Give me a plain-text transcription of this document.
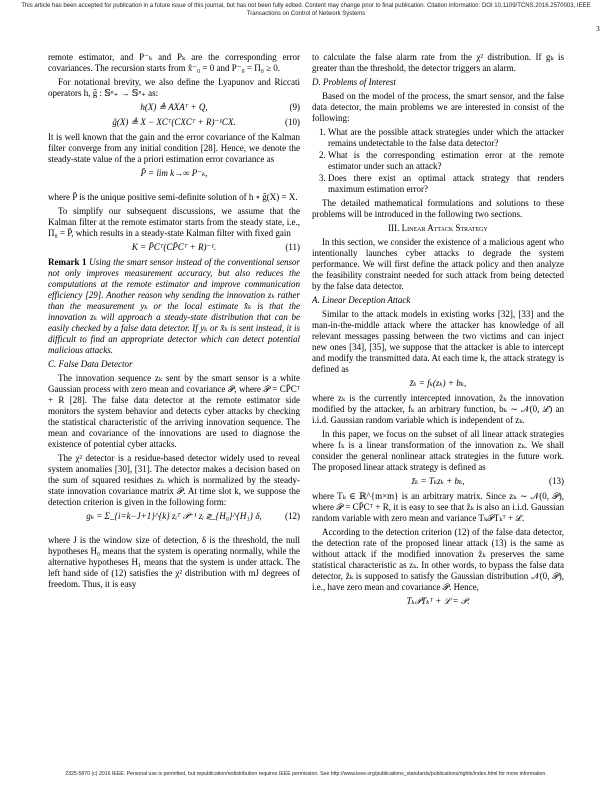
This article has been accepted for publication in a future issue of this journal, but has not been fully edited. Content may change prior to final publication. Citation information: DOI 10.1109/TCNS.2016.2570003, IEEE
Transactions on Control of Network Systems
3

remote estimator, and P⁻ₖ and Pₖ are the corresponding error covariances. The recursion starts from x̂⁻₀ = 0 and P⁻₀ = Π₀ ≥ 0.

For notational brevity, we also define the Lyapunov and Riccati operators h, g̃ : 𝕊ⁿ₊ → 𝕊ⁿ₊ as:

h(X) ≜ AXAᵀ + Q,	(9)
g̃(X) ≜ X − XCᵀ(CXCᵀ + R)⁻¹CX.	(10)

It is well known that the gain and the error covariance of the Kalman filter converge from any initial condition [28]. Hence, we denote the steady-state value of the a priori estimation error covariance as

P̄ = lim k→∞ P⁻ₖ,

where P̄ is the unique positive semi-definite solution of h ∘ g̃(X) = X.

To simplify our subsequent discussions, we assume that the Kalman filter at the remote estimator starts from the steady state, i.e., Π₀ = P̄, which results in a steady-state Kalman filter with fixed gain

K = P̄Cᵀ(CP̄Cᵀ + R)⁻¹.	(11)

Remark 1 Using the smart sensor instead of the conventional sensor not only improves measurement accuracy, but also reduces the computations at the remote estimator and improve communication efficiency [29]. Another reason why sending the innovation zₖ rather than the measurement yₖ or the local estimate x̂ₖ is that the innovation zₖ will approach a steady-state distribution that can be easily checked by a false data detector. If yₖ or x̂ₖ is sent instead, it is difficult to find an appropriate detector which can detect potential malicious attacks.

C. False Data Detector

The innovation sequence zₖ sent by the smart sensor is a white Gaussian process with zero mean and covariance 𝒫, where 𝒫 = CP̄Cᵀ + R [28]. The false data detector at the remote estimator side monitors the system behavior and detects cyber attacks by checking the statistical characteristic of the arriving innovation sequence. The mean and covariance of the innovations are used to diagnose the existence of potential cyber attacks.

The χ² detector is a residue-based detector widely used to reveal system anomalies [30], [31]. The detector makes a decision based on the sum of squared residues zₖ which is normalized by the steady-state innovation covariance matrix 𝒫. At time slot k, we suppose the detection criterion is given in the following form:

gₖ = Σ_{i=k−J+1}^{k} zᵢᵀ 𝒫⁻¹ zᵢ ≷_{H₀}^{H₁} δ,	(12)

where J is the window size of detection, δ is the threshold, the null hypotheses H₀ means that the system is operating normally, while the alternative hypotheses H₁ means that the system is under attack. The left hand side of (12) satisfies the χ² distribution with mJ degrees of freedom. Thus, it is easy

to calculate the false alarm rate from the χ² distribution. If gₖ is greater than the threshold, the detector triggers an alarm.

D. Problems of Interest

Based on the model of the process, the smart sensor, and the false data detector, the main problems we are interested in consist of the following:

1. What are the possible attack strategies under which the attacker remains undetectable to the false data detector?
2. What is the corresponding estimation error at the remote estimator under such an attack?
3. Does there exist an optimal attack strategy that renders maximum estimation error?

The detailed mathematical formulations and solutions to these problems will be introduced in the following two sections.

III. Linear Attack Strategy

In this section, we consider the existence of a malicious agent who intentionally launches cyber attacks to degrade the system performance. We will first define the attack policy and then analyze the feasibility constraint needed for such attack from being detected by the false data detector.

A. Linear Deception Attack

Similar to the attack models in existing works [32], [33] and the man-in-the-middle attack where the attacker has knowledge of all relevant messages passing between the two victims and can inject new ones [34], [35], we suppose that the attacker is able to intercept and modify the transmitted data. At each time k, the attack strategy is defined as

z̃ₖ = fₖ(zₖ) + bₖ,

where zₖ is the currently intercepted innovation, z̃ₖ the innovation modified by the attacker, fₖ an arbitrary function, bₖ ∼ 𝒩(0, ℒ) an i.i.d. Gaussian random variable which is independent of zₖ.

In this paper, we focus on the subset of all linear attack strategies where fₖ is a linear transformation of the innovation zₖ. We shall consider the general nonlinear attack strategies in the future work. The proposed linear attack strategy is defined as

z̃ₖ = Tₖzₖ + bₖ,	(13)

where Tₖ ∈ ℝ^{m×m} is an arbitrary matrix. Since zₖ ∼ 𝒩(0, 𝒫), where 𝒫 = CP̄Cᵀ + R, it is easy to see that z̃ₖ is also an i.i.d. Gaussian random variable with zero mean and variance Tₖ𝒫Tₖᵀ + ℒ.

According to the detection criterion (12) of the false data detector, the detection rate of the proposed linear attack (13) is the same as without attack if the modified innovation z̃ₖ preserves the same statistical characteristic as zₖ. In other words, to bypass the false data detector, z̃ₖ is supposed to satisfy the Gaussian distribution 𝒩(0, 𝒫), i.e., have zero mean and covariance 𝒫. Hence,

Tₖ𝒫Tₖᵀ + ℒ = 𝒫.
2325-5870 (c) 2016 IEEE. Personal use is permitted, but republication/redistribution requires IEEE permission. See http://www.ieee.org/publications_standards/publications/rights/index.html for more information.
